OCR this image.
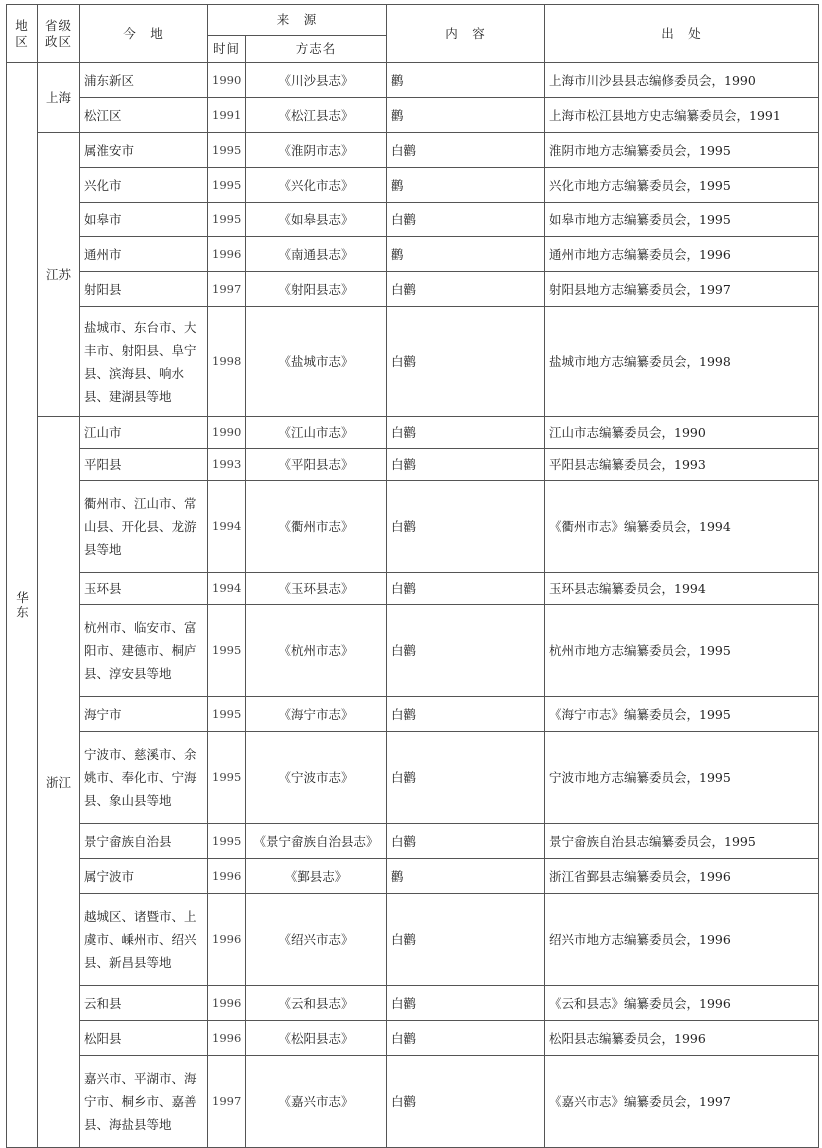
地区	省级政区	今　地	来　源		内　容	出　处
			时间	方志名		
华东	上海	浦东新区	1990	《川沙县志》	鹳	上海市川沙县县志编修委员会，1990
		松江区	1991	《松江县志》	鹳	上海市松江县地方史志编纂委员会，1991
	江苏	属淮安市	1995	《淮阴市志》	白鹳	淮阴市地方志编纂委员会，1995
		兴化市	1995	《兴化市志》	鹳	兴化市地方志编纂委员会，1995
		如皋市	1995	《如皋县志》	白鹳	如皋市地方志编纂委员会，1995
		通州市	1996	《南通县志》	鹳	通州市地方志编纂委员会，1996
		射阳县	1997	《射阳县志》	白鹳	射阳县地方志编纂委员会，1997
		盐城市、东台市、大丰市、射阳县、阜宁县、滨海县、响水县、建湖县等地	1998	《盐城市志》	白鹳	盐城市地方志编纂委员会，1998
	浙江	江山市	1990	《江山市志》	白鹳	江山市志编纂委员会，1990
		平阳县	1993	《平阳县志》	白鹳	平阳县志编纂委员会，1993
		衢州市、江山市、常山县、开化县、龙游县等地	1994	《衢州市志》	白鹳	《衢州市志》编纂委员会，1994
		玉环县	1994	《玉环县志》	白鹳	玉环县志编纂委员会，1994
		杭州市、临安市、富阳市、建德市、桐庐县、淳安县等地	1995	《杭州市志》	白鹳	杭州市地方志编纂委员会，1995
		海宁市	1995	《海宁市志》	白鹳	《海宁市志》编纂委员会，1995
		宁波市、慈溪市、余姚市、奉化市、宁海县、象山县等地	1995	《宁波市志》	白鹳	宁波市地方志编纂委员会，1995
		景宁畲族自治县	1995	《景宁畲族自治县志》	白鹳	景宁畲族自治县志编纂委员会，1995
		属宁波市	1996	《鄞县志》	鹳	浙江省鄞县志编纂委员会，1996
		越城区、诸暨市、上虞市、嵊州市、绍兴县、新昌县等地	1996	《绍兴市志》	白鹳	绍兴市地方志编纂委员会，1996
		云和县	1996	《云和县志》	白鹳	《云和县志》编纂委员会，1996
		松阳县	1996	《松阳县志》	白鹳	松阳县志编纂委员会，1996
		嘉兴市、平湖市、海宁市、桐乡市、嘉善县、海盐县等地	1997	《嘉兴市志》	白鹳	《嘉兴市志》编纂委员会，1997
